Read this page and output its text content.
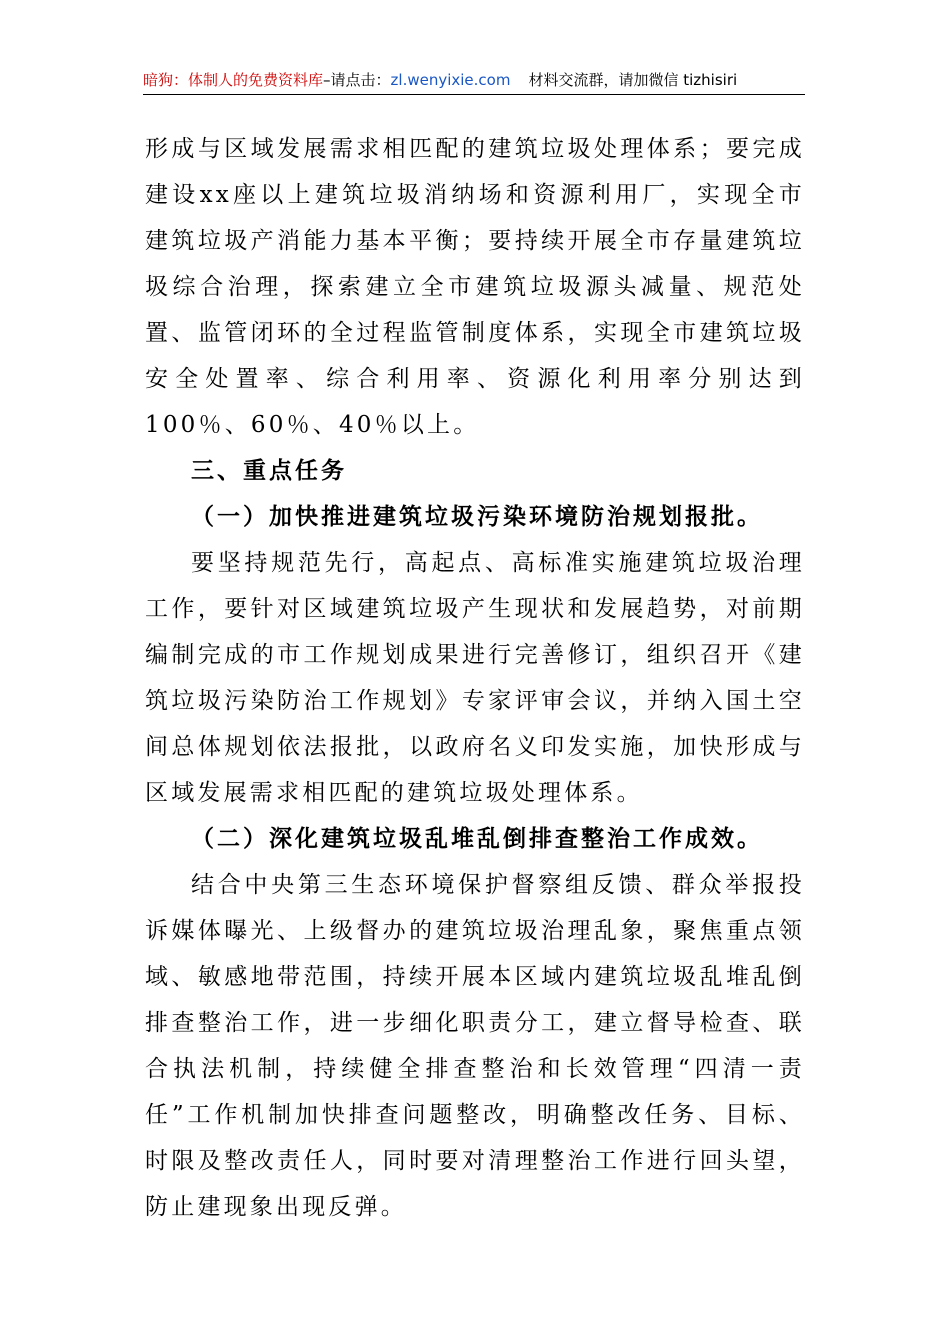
暗狗：体制人的免费资料库–请点击：zl.wenyixie.com 材料交流群，请加微信 tizhisiri

形成与区域发展需求相匹配的建筑垃圾处理体系；要完成建设xx座以上建筑垃圾消纳场和资源利用厂，实现全市建筑垃圾产消能力基本平衡；要持续开展全市存量建筑垃圾综合治理，探索建立全市建筑垃圾源头减量、规范处置、监管闭环的全过程监管制度体系，实现全市建筑垃圾安全处置率、综合利用率、资源化利用率分别达到100％、60％、40％以上。

三、重点任务

（一）加快推进建筑垃圾污染环境防治规划报批。

要坚持规范先行，高起点、高标准实施建筑垃圾治理工作，要针对区域建筑垃圾产生现状和发展趋势，对前期编制完成的市工作规划成果进行完善修订，组织召开《建筑垃圾污染防治工作规划》专家评审会议，并纳入国土空间总体规划依法报批，以政府名义印发实施，加快形成与区域发展需求相匹配的建筑垃圾处理体系。

（二）深化建筑垃圾乱堆乱倒排查整治工作成效。

结合中央第三生态环境保护督察组反馈、群众举报投诉媒体曝光、上级督办的建筑垃圾治理乱象，聚焦重点领域、敏感地带范围，持续开展本区域内建筑垃圾乱堆乱倒排查整治工作，进一步细化职责分工，建立督导检查、联合执法机制，持续健全排查整治和长效管理“四清一责任”工作机制加快排查问题整改，明确整改任务、目标、时限及整改责任人，同时要对清理整治工作进行回头望，防止建现象出现反弹。
